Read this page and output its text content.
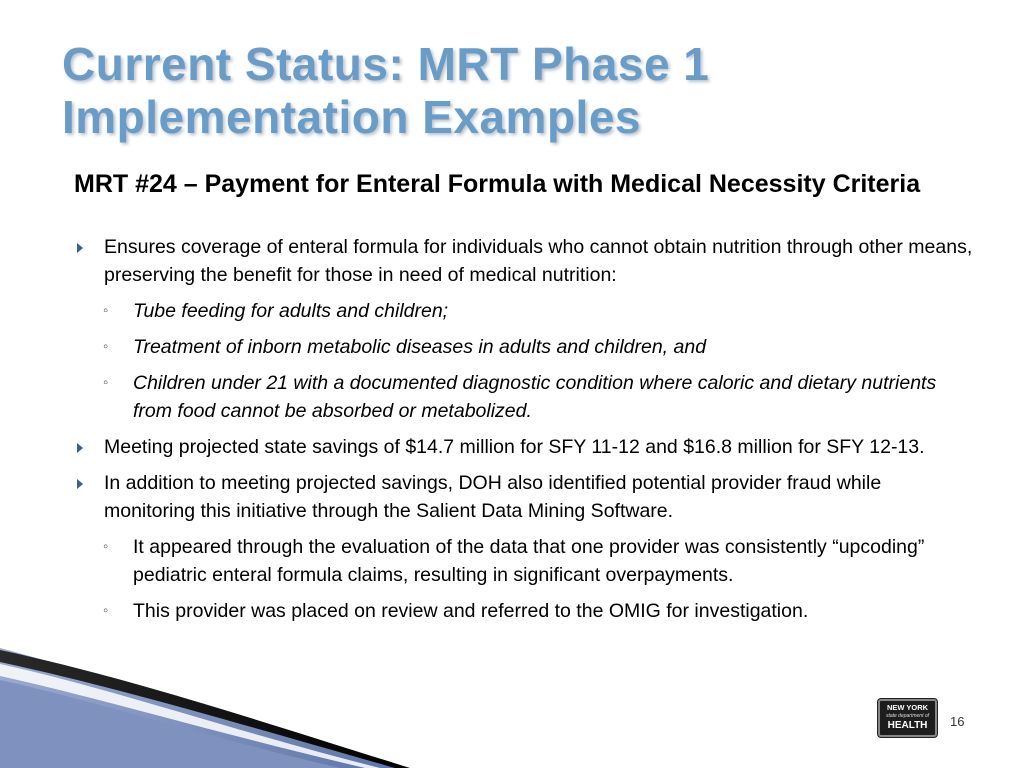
Current Status: MRT Phase 1
Implementation Examples
MRT #24 – Payment for Enteral Formula with Medical Necessity Criteria
Ensures coverage of enteral formula for individuals who cannot obtain nutrition through other means, preserving the benefit for those in need of medical nutrition:
◦ Tube feeding for adults and children;
◦ Treatment of inborn metabolic diseases in adults and children, and
◦ Children under 21 with a documented diagnostic condition where caloric and dietary nutrients from food cannot be absorbed or metabolized.
Meeting projected state savings of $14.7 million for SFY 11-12 and $16.8 million for SFY 12-13.
In addition to meeting projected savings, DOH also identified potential provider fraud while monitoring this initiative through the Salient Data Mining Software.
◦ It appeared through the evaluation of the data that one provider was consistently “upcoding” pediatric enteral formula claims, resulting in significant overpayments.
◦ This provider was placed on review and referred to the OMIG for investigation.
NEW YORK
state department of
HEALTH	16
